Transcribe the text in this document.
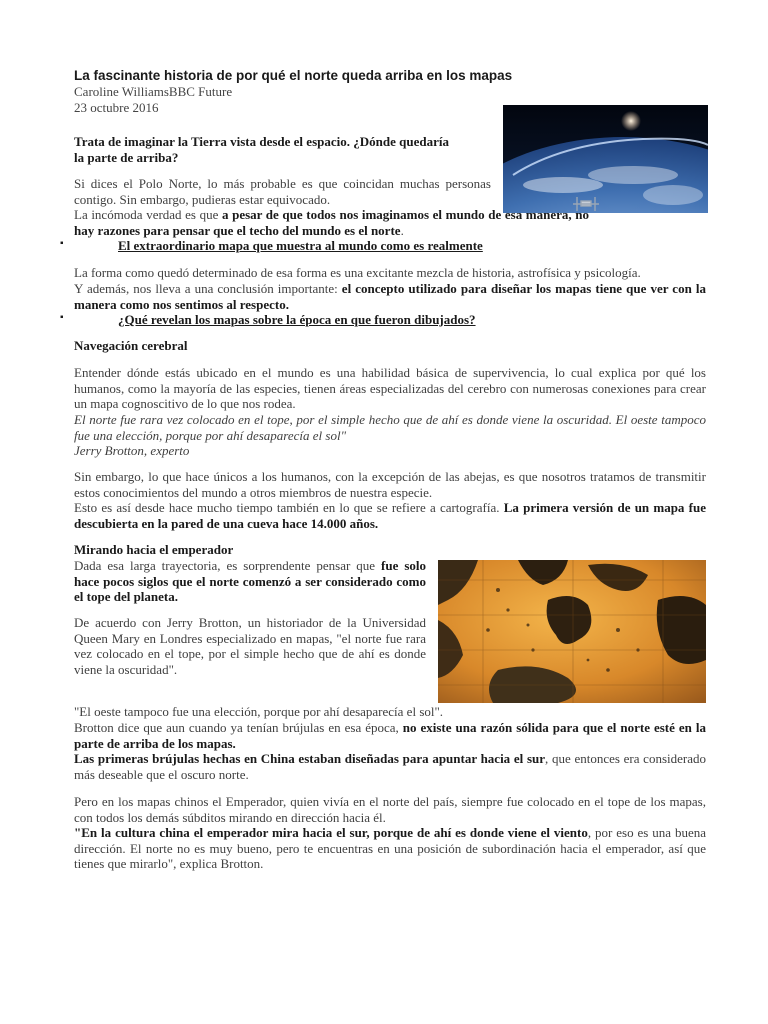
La fascinante historia de por qué el norte queda arriba en los mapas
Caroline WilliamsBBC Future
23 octubre 2016
Trata de imaginar la Tierra vista desde el espacio. ¿Dónde quedaría
la parte de arriba?
Si dices el Polo Norte, lo más probable es que coincidan muchas personas contigo. Sin embargo, pudieras estar equivocado.
La incómoda verdad es que a pesar de que todos nos imaginamos el mundo de esa manera, no hay razones para pensar que el techo del mundo es el norte.
▪	El extraordinario mapa que muestra al mundo como es realmente
La forma como quedó determinado de esa forma es una excitante mezcla de historia, astrofísica y psicología.
Y además, nos lleva a una conclusión importante: el concepto utilizado para diseñar los mapas tiene que ver con la manera como nos sentimos al respecto.
▪	¿Qué revelan los mapas sobre la época en que fueron dibujados?
Navegación cerebral
Entender dónde estás ubicado en el mundo es una habilidad básica de supervivencia, lo cual explica por qué los humanos, como la mayoría de las especies, tienen áreas especializadas del cerebro con numerosas conexiones para crear un mapa cognoscitivo de lo que nos rodea.
El norte fue rara vez colocado en el tope, por el simple hecho que de ahí es donde viene la oscuridad. El oeste tampoco fue una elección, porque por ahí desaparecía el sol"
Jerry Brotton, experto
Sin embargo, lo que hace únicos a los humanos, con la excepción de las abejas, es que nosotros tratamos de transmitir estos conocimientos del mundo a otros miembros de nuestra especie.
Esto es así desde hace mucho tiempo también en lo que se refiere a cartografía. La primera versión de un mapa fue descubierta en la pared de una cueva hace 14.000 años.
Mirando hacia el emperador
Dada esa larga trayectoria, es sorprendente pensar que fue solo hace pocos siglos que el norte comenzó a ser considerado como el tope del planeta.
De acuerdo con Jerry Brotton, un historiador de la Universidad Queen Mary en Londres especializado en mapas, "el norte fue rara vez colocado en el tope, por el simple hecho que de ahí es donde viene la oscuridad".
"El oeste tampoco fue una elección, porque por ahí desaparecía el sol".
Brotton dice que aun cuando ya tenían brújulas en esa época, no existe una razón sólida para que el norte esté en la parte de arriba de los mapas.
Las primeras brújulas hechas en China estaban diseñadas para apuntar hacia el sur, que entonces era considerado más deseable que el oscuro norte.
Pero en los mapas chinos el Emperador, quien vivía en el norte del país, siempre fue colocado en el tope de los mapas, con todos los demás súbditos mirando en dirección hacia él.
"En la cultura china el emperador mira hacia el sur, porque de ahí es donde viene el viento, por eso es una buena dirección. El norte no es muy bueno, pero te encuentras en una posición de subordinación hacia el emperador, así que tienes que mirarlo", explica Brotton.
